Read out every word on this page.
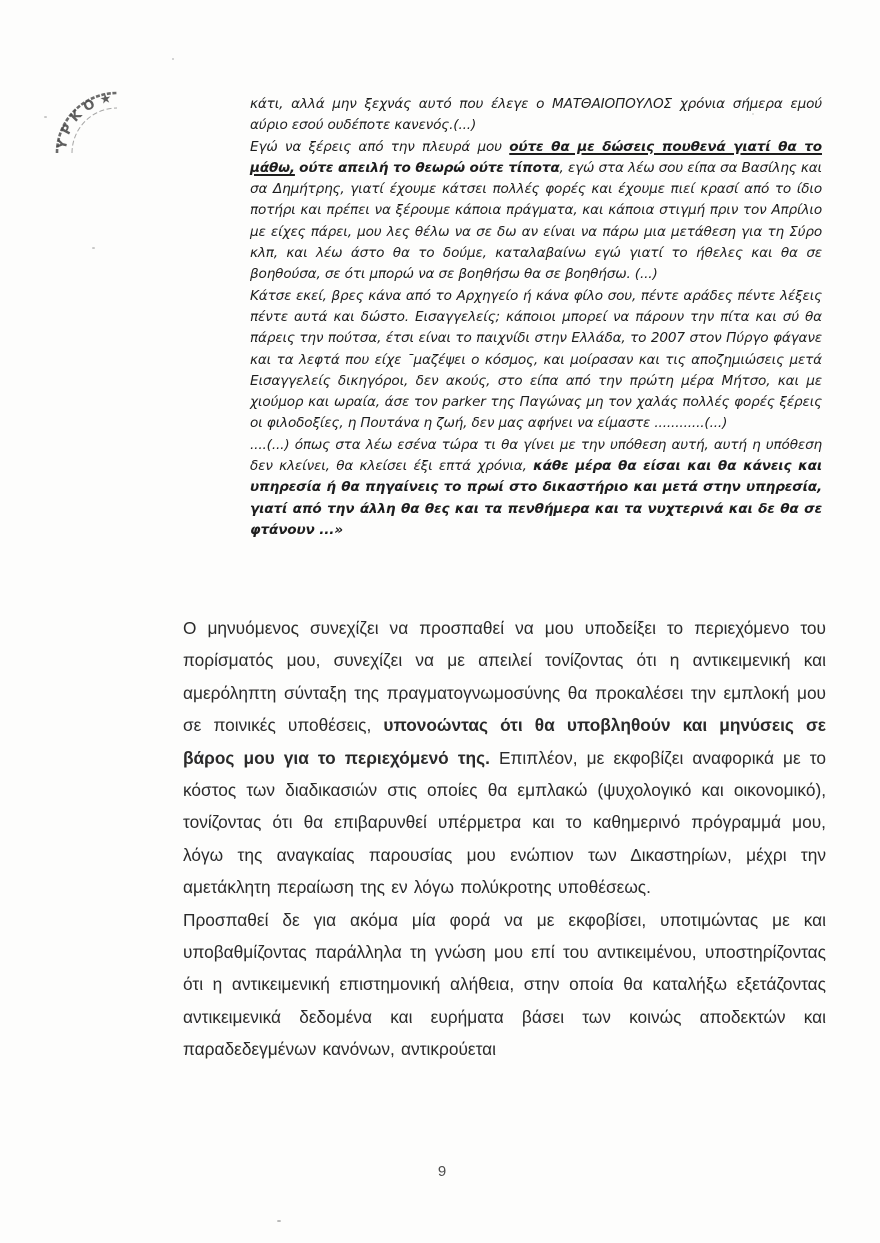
ΥΡΚΟ★	κάτι, αλλά μην ξεχνάς αυτό που έλεγε ο ΜΑΤΘΑΙΟΠΟΥΛΟΣ χρόνια σήμερα εμού αύριο εσού ουδέποτε κανενός.(...)

Εγώ να ξέρεις από την πλευρά μου ούτε θα με δώσεις πουθενά γιατί θα το μάθω, ούτε απειλή το θεωρώ ούτε τίποτα, εγώ στα λέω σου είπα σα Βασίλης και σα Δημήτρης, γιατί έχουμε κάτσει πολλές φορές και έχουμε πιεί κρασί από το ίδιο ποτήρι και πρέπει να ξέρουμε κάποια πράγματα, και κάποια στιγμή πριν τον Απρίλιο με είχες πάρει, μου λες θέλω να σε δω αν είναι να πάρω μια μετάθεση για τη Σύρο κλπ, και λέω άστο θα το δούμε, καταλαβαίνω εγώ γιατί το ήθελες και θα σε βοηθούσα, σε ότι μπορώ να σε βοηθήσω θα σε βοηθήσω. (...)

Κάτσε εκεί, βρες κάνα από το Αρχηγείο ή κάνα φίλο σου, πέντε αράδες πέντε λέξεις πέντε αυτά και δώστο. Εισαγγελείς; κάποιοι μπορεί να πάρουν την πίτα και σύ θα πάρεις την πούτσα, έτσι είναι το παιχνίδι στην Ελλάδα, το 2007 στον Πύργο φάγανε και τα λεφτά που είχε ¯μαζέψει ο κόσμος, και μοίρασαν και τις αποζημιώσεις μετά Εισαγγελείς δικηγόροι, δεν ακούς, στο είπα από την πρώτη μέρα Μήτσο, και με χιούμορ και ωραία, άσε τον parker της Παγώνας μη τον χαλάς πολλές φορές ξέρεις οι φιλοδοξίες, η Πουτάνα η ζωή, δεν μας αφήνει να είμαστε ............(...)

....(...) όπως στα λέω εσένα τώρα τι θα γίνει με την υπόθεση αυτή, αυτή η υπόθεση δεν κλείνει, θα κλείσει έξι επτά χρόνια, κάθε μέρα θα είσαι και θα κάνεις και υπηρεσία ή θα πηγαίνεις το πρωί στο δικαστήριο και μετά στην υπηρεσία, γιατί από την άλλη θα θες και τα πενθήμερα και τα νυχτερινά και δε θα σε φτάνουν ...»

Ο μηνυόμενος συνεχίζει να προσπαθεί να μου υποδείξει το περιεχόμενο του πορίσματός μου, συνεχίζει να με απειλεί τονίζοντας ότι η αντικειμενική και αμερόληπτη σύνταξη της πραγματογνωμοσύνης θα προκαλέσει την εμπλοκή μου σε ποινικές υποθέσεις, υπονοώντας ότι θα υποβληθούν και μηνύσεις σε βάρος μου για το περιεχόμενό της. Επιπλέον, με εκφοβίζει αναφορικά με το κόστος των διαδικασιών στις οποίες θα εμπλακώ (ψυχολογικό και οικονομικό), τονίζοντας ότι θα επιβαρυνθεί υπέρμετρα και το καθημερινό πρόγραμμά μου, λόγω της αναγκαίας παρουσίας μου ενώπιον των Δικαστηρίων, μέχρι την αμετάκλητη περαίωση της εν λόγω πολύκροτης υποθέσεως.

Προσπαθεί δε για ακόμα μία φορά να με εκφοβίσει, υποτιμώντας με και υποβαθμίζοντας παράλληλα τη γνώση μου επί του αντικειμένου, υποστηρίζοντας ότι η αντικειμενική επιστημονική αλήθεια, στην οποία θα καταλήξω εξετάζοντας αντικειμενικά δεδομένα και ευρήματα βάσει των κοινώς αποδεκτών και παραδεδεγμένων κανόνων, αντικρούεται

9
